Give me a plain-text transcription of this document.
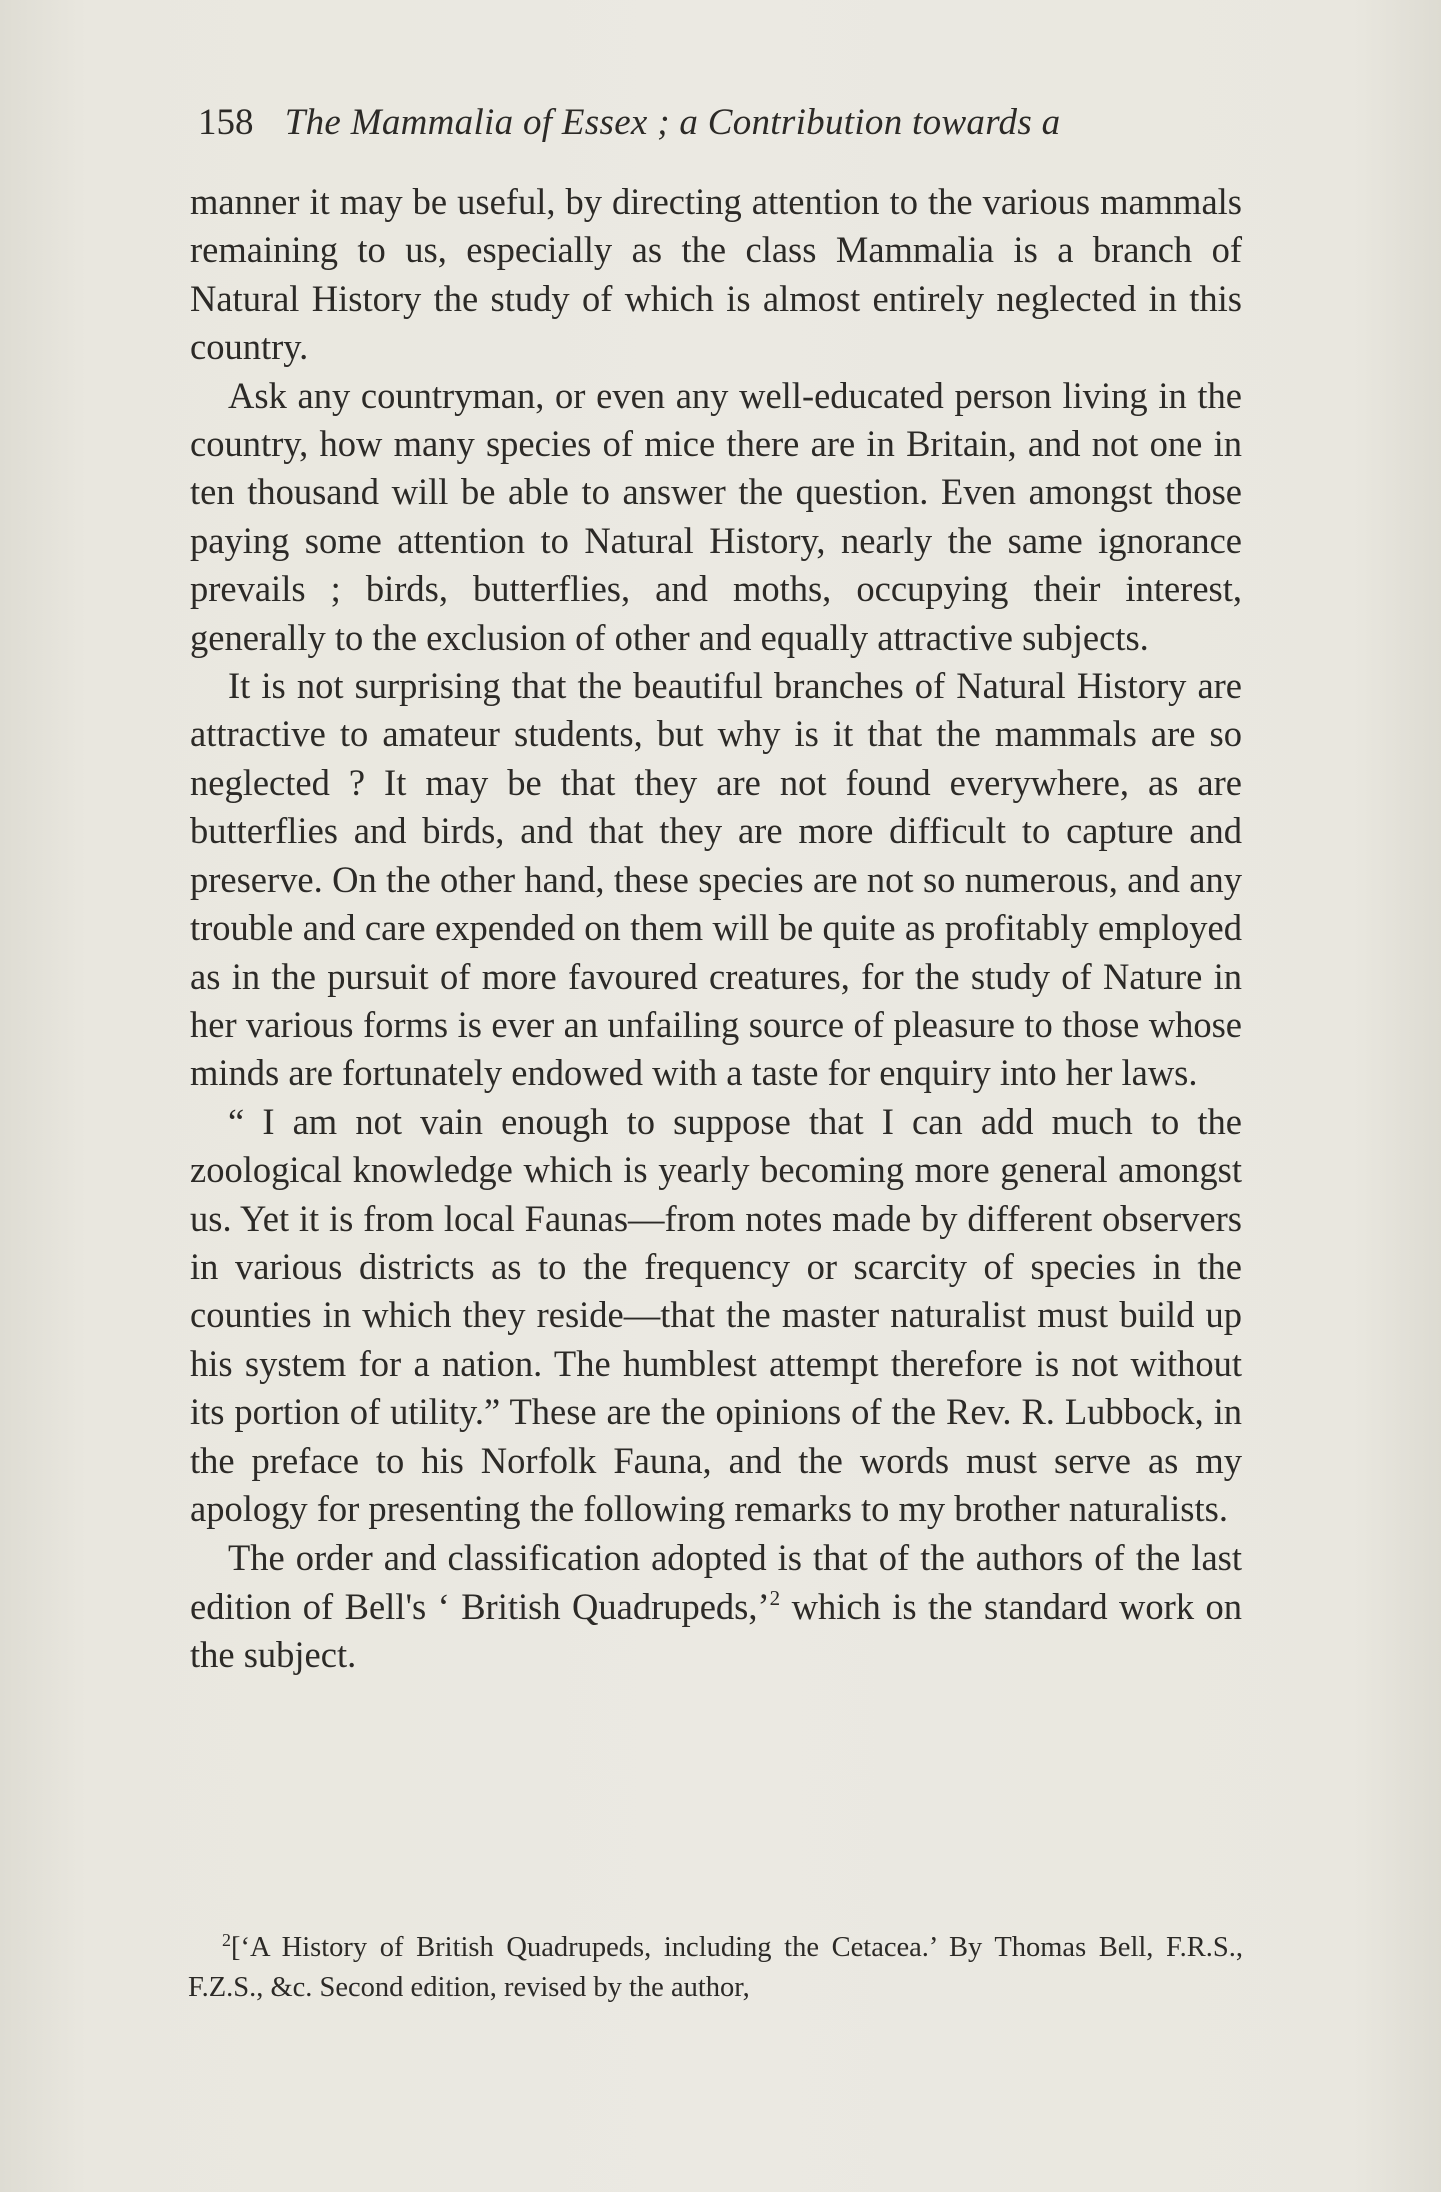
158 The Mammalia of Essex ; a Contribution towards a

manner it may be useful, by directing attention to the various mammals remaining to us, especially as the class Mammalia is a branch of Natural History the study of which is almost entirely neglected in this country.

Ask any countryman, or even any well-educated person living in the country, how many species of mice there are in Britain, and not one in ten thousand will be able to answer the question. Even amongst those paying some attention to Natural History, nearly the same ignorance prevails ; birds, butterflies, and moths, occupying their interest, generally to the exclusion of other and equally attractive subjects.

It is not surprising that the beautiful branches of Natural History are attractive to amateur students, but why is it that the mammals are so neglected ? It may be that they are not found everywhere, as are butterflies and birds, and that they are more difficult to capture and preserve. On the other hand, these species are not so numerous, and any trouble and care expended on them will be quite as profitably employed as in the pursuit of more favoured creatures, for the study of Nature in her various forms is ever an unfailing source of pleasure to those whose minds are fortunately endowed with a taste for enquiry into her laws.

“ I am not vain enough to suppose that I can add much to the zoological knowledge which is yearly becoming more general amongst us. Yet it is from local Faunas—from notes made by different observers in various districts as to the frequency or scarcity of species in the counties in which they reside—that the master naturalist must build up his system for a nation. The humblest attempt therefore is not without its portion of utility.” These are the opinions of the Rev. R. Lubbock, in the preface to his Norfolk Fauna, and the words must serve as my apology for presenting the following remarks to my brother naturalists.

The order and classification adopted is that of the authors of the last edition of Bell's ‘ British Quadrupeds,’$^2$ which is the standard work on the subject.

$^2$[‘A History of British Quadrupeds, including the Cetacea.’ By Thomas Bell, F.R.S., F.Z.S., &c. Second edition, revised by the author,
